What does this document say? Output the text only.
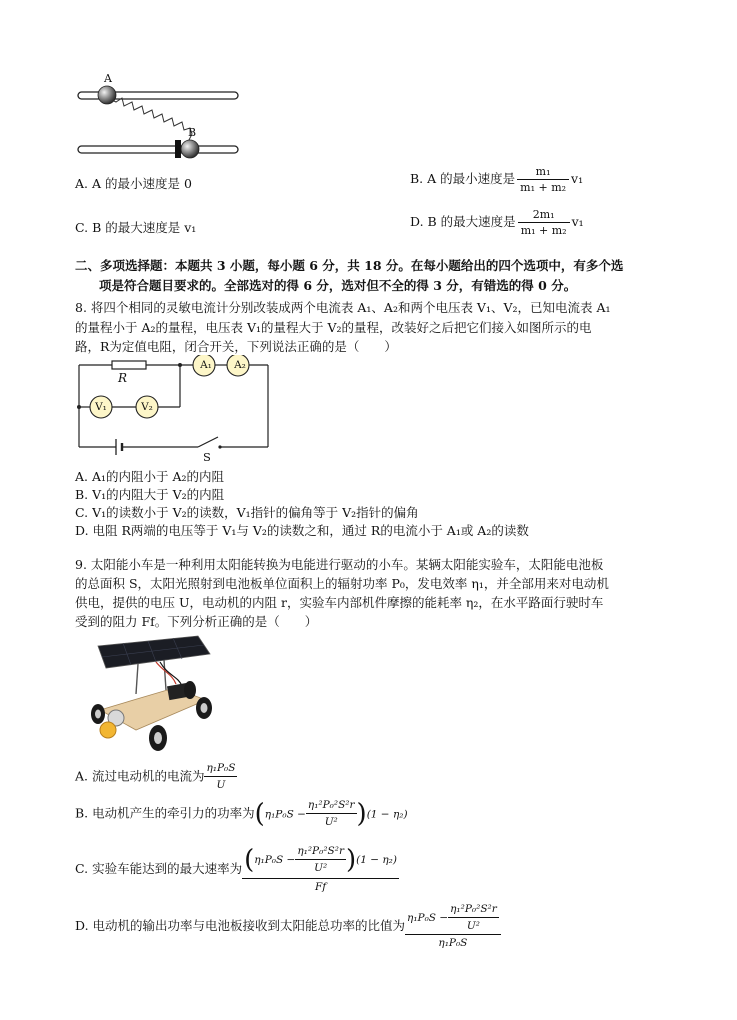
A
B
A. A 的最小速度是 0	B. A 的最小速度是 $\frac{\text{m₁}}{\text{m₁ + m₂}} v_1$
C. B 的最大速度是 v₁	D. B 的最大速度是 $\frac{\text{2m₁}}{\text{m₁ + m₂}} v_1$
二、多项选择题：本题共 3 小题，每小题 6 分，共 18 分。在每小题给出的四个选项中，有多个选
项是符合题目要求的。全部选对的得 6 分，选对但不全的得 3 分，有错选的得 0 分。
8. 将四个相同的灵敏电流计分别改装成两个电流表 A₁、A₂和两个电压表 V₁、V₂，已知电流表 A₁
的量程小于 A₂的量程，电压表 V₁的量程大于 V₂的量程，改装好之后把它们接入如图所示的电
路，R为定值电阻，闭合开关，下列说法正确的是（　　）
R
A₁	A₂
V₁	V₂
S
A. A₁的内阻小于 A₂的内阻
B. V₁的内阻大于 V₂的内阻
C. V₁的读数小于 V₂的读数，V₁指针的偏角等于 V₂指针的偏角
D. 电阻 R两端的电压等于 V₁与 V₂的读数之和，通过 R的电流小于 A₁或 A₂的读数
9. 太阳能小车是一种利用太阳能转换为电能进行驱动的小车。某辆太阳能实验车，太阳能电池板
的总面积 S，太阳光照射到电池板单位面积上的辐射功率 P₀，发电效率 η₁，并全部用来对电动机
供电，提供的电压 U，电动机的内阻 r，实验车内部机件摩擦的能耗率 η₂，在水平路面行驶时车
受到的阻力 Ff。下列分析正确的是（　　）
A. 流过电动机的电流为 $\frac{\text{η₁P₀S}}{U}$
B. 电动机产生的牵引力的功率为$(\eta_1P_0S - \frac{\text{η₁²P₀²S²r}}{\text{U²}} )(1 - \eta_2)$
C. 实验车能达到的最大速率为 $\frac{(\eta_1P_0S - \frac{\text{η₁²P₀²S²r}}{\text{U²}} )(1 - \eta_2)}{Ff}$
D. 电动机的输出功率与电池板接收到太阳能总功率的比值为 $\frac{\eta_1P_0S - \frac{\text{η₁²P₀²S²r}}{\text{U²}}}{\text{η₁P₀S}}$
